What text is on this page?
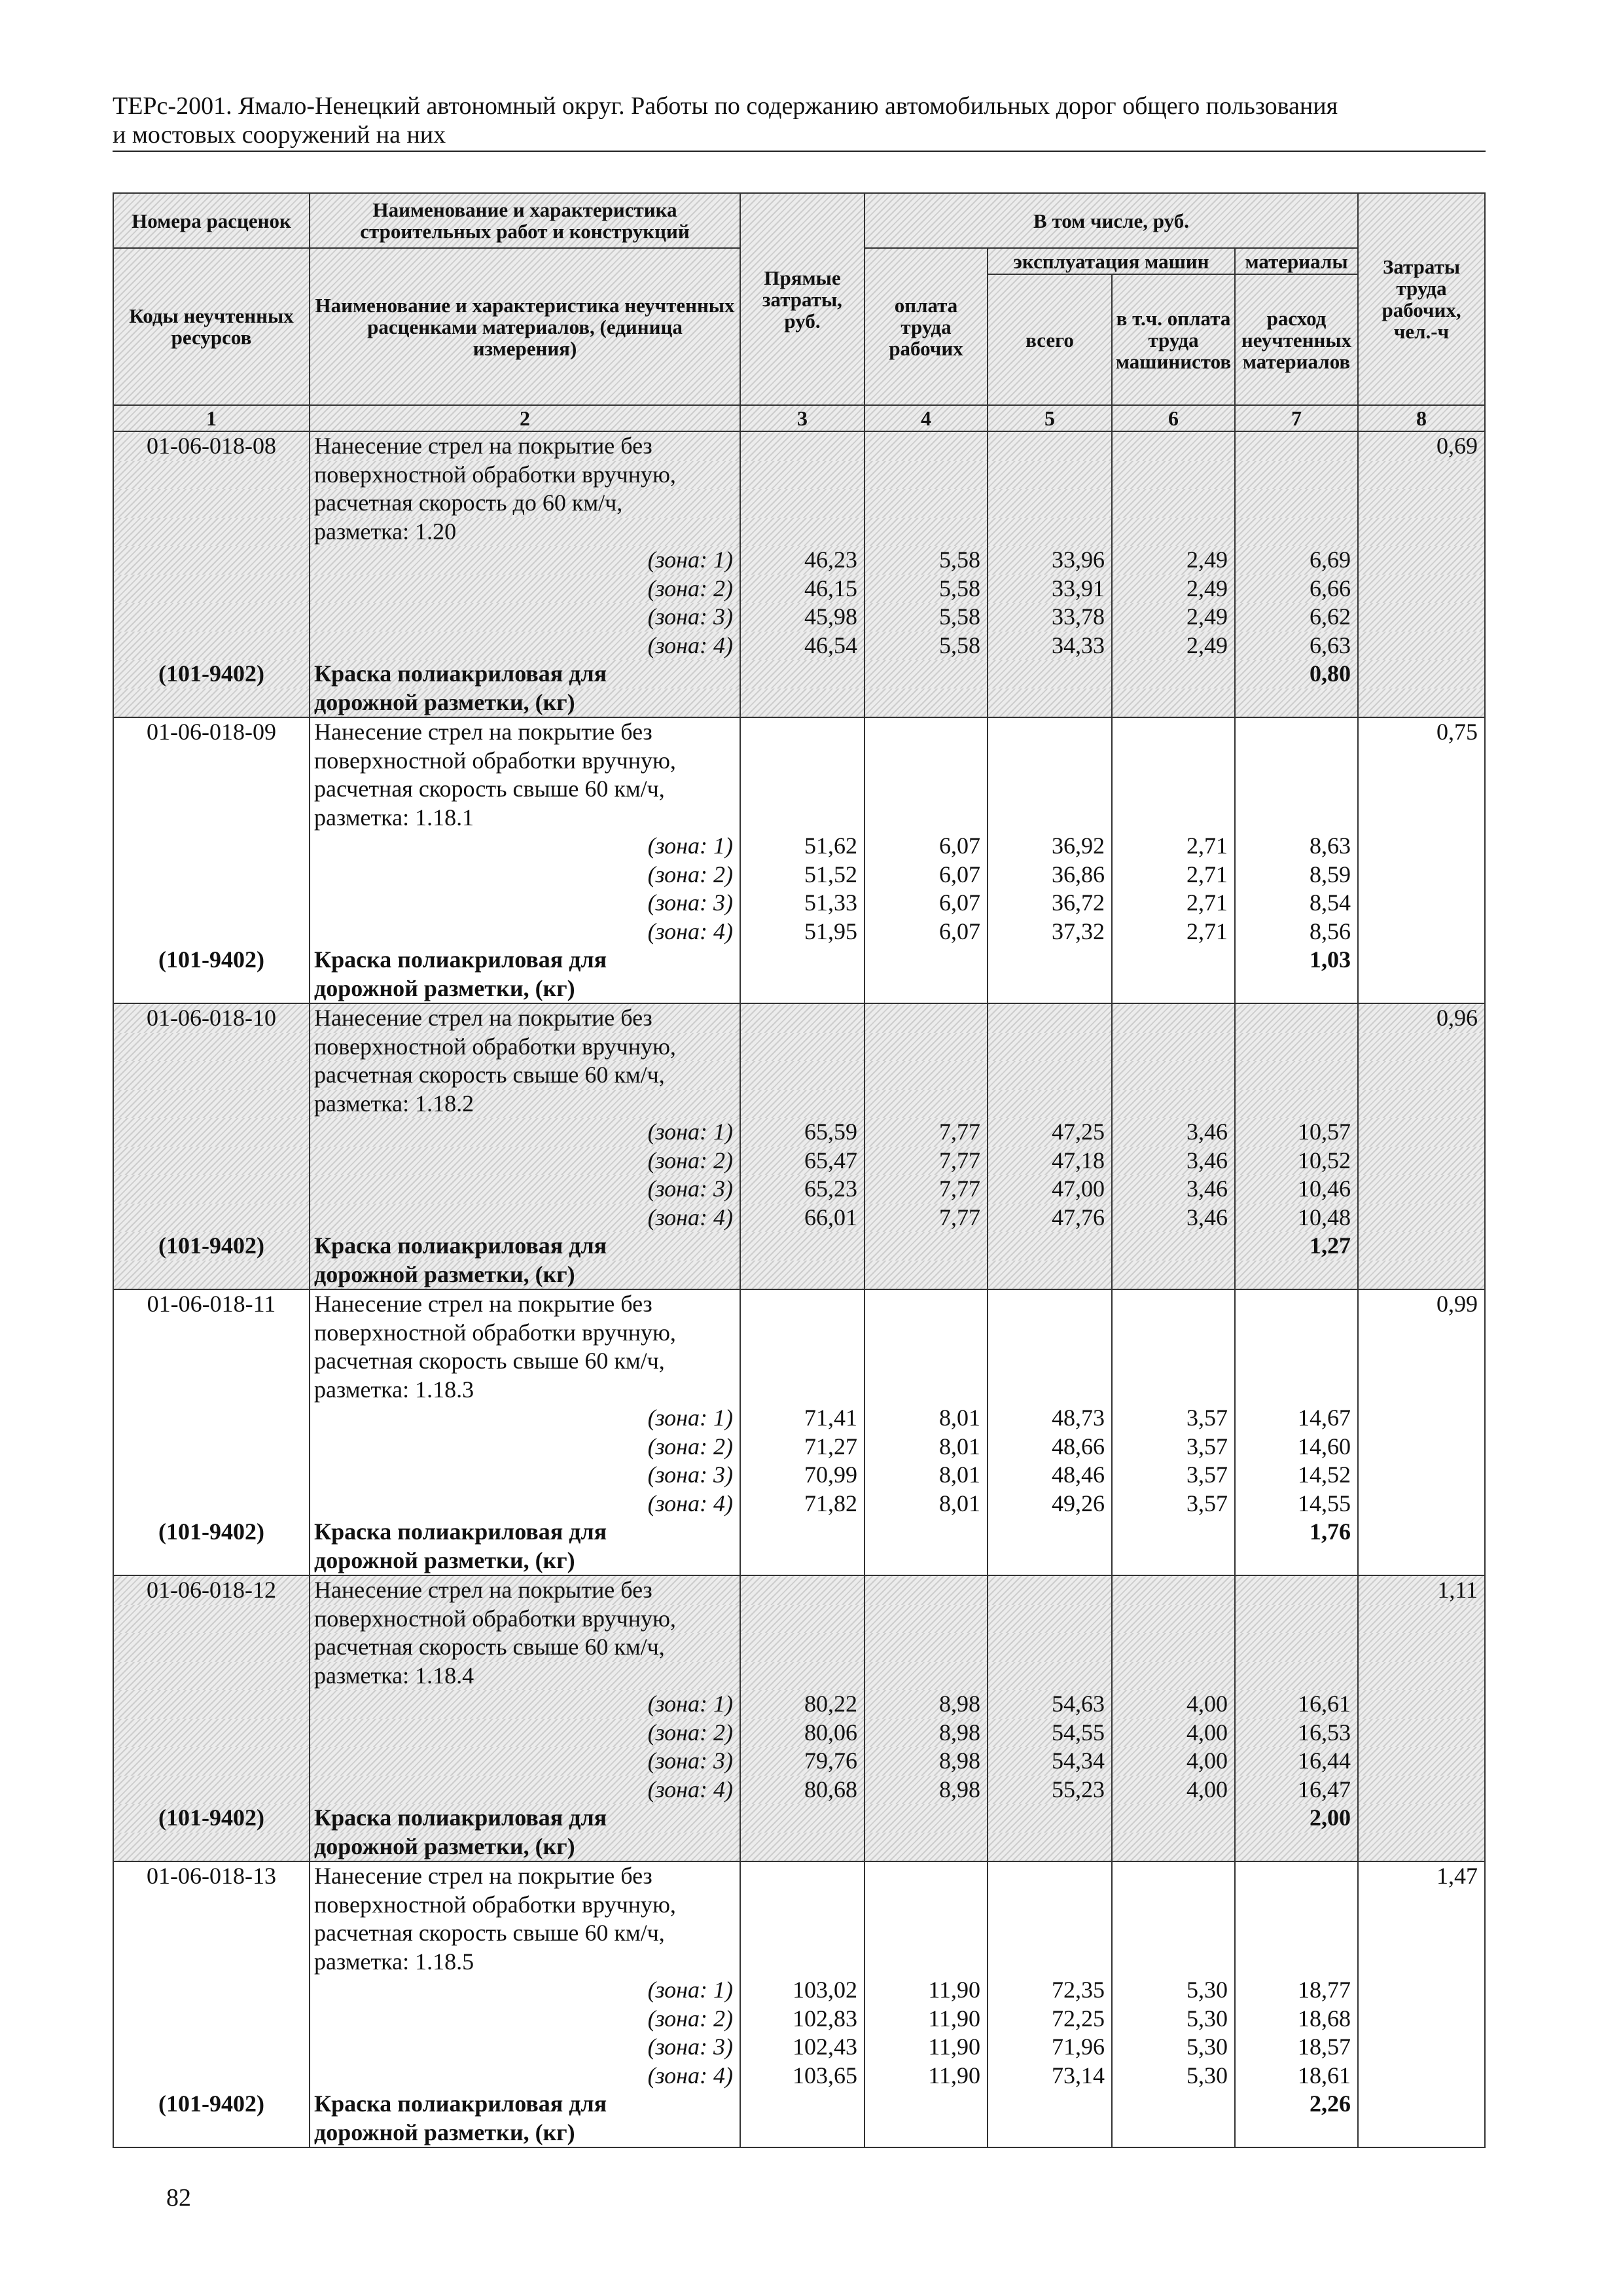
ТЕРс-2001. Ямало-Ненецкий автономный округ. Работы по содержанию автомобильных дорог общего пользования
и мостовых сооружений на них
Номера расценок	Наименование и характеристика строительных работ и конструкций	Прямые затраты, руб.	В том числе, руб.				Затраты труда рабочих, чел.-ч
Коды неучтенных ресурсов	Наименование и характеристика неучтенных расценками материалов, (единица измерения)		оплата труда рабочих	эксплуатация машин		материалы	
				всего	в т.ч. оплата труда машинистов	расход неучтенных материалов	
1	2	3	4	5	6	7	8
01-06-018-08	Нанесение стрел на покрытие без						0,69
	поверхностной обработки вручную,						
	расчетная скорость до 60 км/ч,						
	разметка: 1.20						
	(зона: 1)	46,23	5,58	33,96	2,49	6,69	
	(зона: 2)	46,15	5,58	33,91	2,49	6,66	
	(зона: 3)	45,98	5,58	33,78	2,49	6,62	
	(зона: 4)	46,54	5,58	34,33	2,49	6,63	
(101-9402)	Краска полиакриловая для					0,80	
	дорожной разметки, (кг)						
01-06-018-09	Нанесение стрел на покрытие без						0,75
	поверхностной обработки вручную,						
	расчетная скорость свыше 60 км/ч,						
	разметка: 1.18.1						
	(зона: 1)	51,62	6,07	36,92	2,71	8,63	
	(зона: 2)	51,52	6,07	36,86	2,71	8,59	
	(зона: 3)	51,33	6,07	36,72	2,71	8,54	
	(зона: 4)	51,95	6,07	37,32	2,71	8,56	
(101-9402)	Краска полиакриловая для					1,03	
	дорожной разметки, (кг)						
01-06-018-10	Нанесение стрел на покрытие без						0,96
	поверхностной обработки вручную,						
	расчетная скорость свыше 60 км/ч,						
	разметка: 1.18.2						
	(зона: 1)	65,59	7,77	47,25	3,46	10,57	
	(зона: 2)	65,47	7,77	47,18	3,46	10,52	
	(зона: 3)	65,23	7,77	47,00	3,46	10,46	
	(зона: 4)	66,01	7,77	47,76	3,46	10,48	
(101-9402)	Краска полиакриловая для					1,27	
	дорожной разметки, (кг)						
01-06-018-11	Нанесение стрел на покрытие без						0,99
	поверхностной обработки вручную,						
	расчетная скорость свыше 60 км/ч,						
	разметка: 1.18.3						
	(зона: 1)	71,41	8,01	48,73	3,57	14,67	
	(зона: 2)	71,27	8,01	48,66	3,57	14,60	
	(зона: 3)	70,99	8,01	48,46	3,57	14,52	
	(зона: 4)	71,82	8,01	49,26	3,57	14,55	
(101-9402)	Краска полиакриловая для					1,76	
	дорожной разметки, (кг)						
01-06-018-12	Нанесение стрел на покрытие без						1,11
	поверхностной обработки вручную,						
	расчетная скорость свыше 60 км/ч,						
	разметка: 1.18.4						
	(зона: 1)	80,22	8,98	54,63	4,00	16,61	
	(зона: 2)	80,06	8,98	54,55	4,00	16,53	
	(зона: 3)	79,76	8,98	54,34	4,00	16,44	
	(зона: 4)	80,68	8,98	55,23	4,00	16,47	
(101-9402)	Краска полиакриловая для					2,00	
	дорожной разметки, (кг)						
01-06-018-13	Нанесение стрел на покрытие без						1,47
	поверхностной обработки вручную,						
	расчетная скорость свыше 60 км/ч,						
	разметка: 1.18.5						
	(зона: 1)	103,02	11,90	72,35	5,30	18,77	
	(зона: 2)	102,83	11,90	72,25	5,30	18,68	
	(зона: 3)	102,43	11,90	71,96	5,30	18,57	
	(зона: 4)	103,65	11,90	73,14	5,30	18,61	
(101-9402)	Краска полиакриловая для					2,26	
	дорожной разметки, (кг)						
82
